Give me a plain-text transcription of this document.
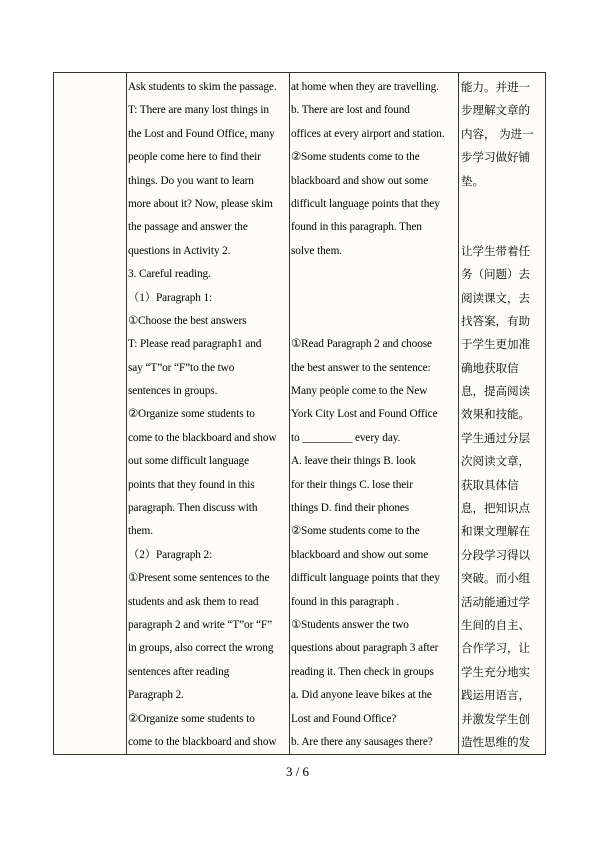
Ask students to skim the passage.
T: There are many lost things in
the Lost and Found Office, many
people come here to find their
things. Do you want to learn
more about it? Now, please skim
the passage and answer the
questions in Activity 2.
3. Careful reading.
（1）Paragraph 1:
①Choose the best answers
T: Please read paragraph1 and
say “T”or “F”to the two
sentences in groups.
②Organize some students to
come to the blackboard and show
out some difficult language
points that they found in this
paragraph. Then discuss with
them.
（2）Paragraph 2:
①Present some sentences to the
students and ask them to read
paragraph 2 and write “T”or “F”
in groups, also correct the wrong
sentences after reading
Paragraph 2.
②Organize some students to
come to the blackboard and show

at home when they are travelling.
b. There are lost and found
offices at every airport and station.
②Some students come to the
blackboard and show out some
difficult language points that they
found in this paragraph. Then
solve them.
①Read Paragraph 2 and choose
the best answer to the sentence:
Many people come to the New
York City Lost and Found Office
to _________ every day.
A. leave their things B. look
for their things C. lose their
things D. find their phones
②Some students come to the
blackboard and show out some
difficult language points that they
found in this paragraph .
①Students answer the two
questions about paragraph 3 after
reading it. Then check in groups
a. Did anyone leave bikes at the
Lost and Found Office?
b. Are there any sausages there?

能力。并进一
步理解文章的
内容， 为进一
步学习做好铺
垫。
让学生带着任
务（问题）去
阅读课文，去
找答案，有助
于学生更加准
确地获取信
息，提高阅读
效果和技能。
学生通过分层
次阅读文章，
获取具体信
息，把知识点
和课文理解在
分段学习得以
突破。而小组
活动能通过学
生间的自主、
合作学习，让
学生充分地实
践运用语言，
并激发学生创
造性思维的发
3 / 6
